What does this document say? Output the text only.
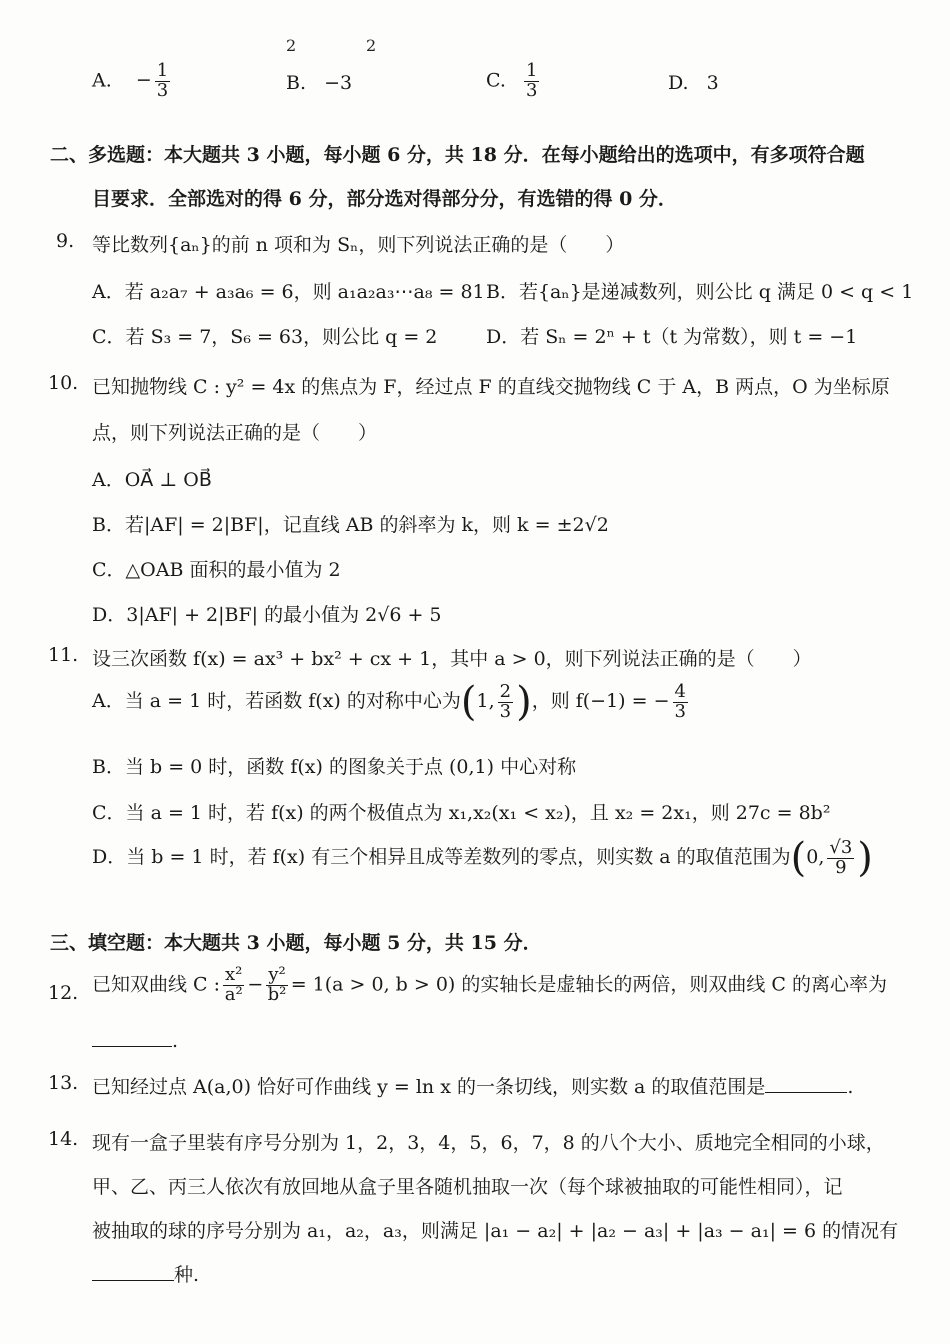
2	2
A. − $\frac{1}{3}$	B. −3	C. $\frac{1}{3}$	D. 3
二、多选题：本大题共 3 小题，每小题 6 分，共 18 分．在每小题给出的选项中，有多项符合题
目要求．全部选对的得 6 分，部分选对得部分分，有选错的得 0 分．
9. 等比数列{aₙ}的前 n 项和为 Sₙ，则下列说法正确的是（　　）
A．若 a₂a₇ + a₃a₆ = 6，则 a₁a₂a₃⋯a₈ = 81 B．若{aₙ}是递减数列，则公比 q 满足 0 < q < 1
C．若 S₃ = 7，S₆ = 63，则公比 q = 2	D．若 Sₙ = 2ⁿ + t（t 为常数），则 t = −1
10. 已知抛物线 C : y² = 4x 的焦点为 F，经过点 F 的直线交抛物线 C 于 A，B 两点，O 为坐标原
点，则下列说法正确的是（　　）
A．OA⃗ ⊥ OB⃗
B．若|AF| = 2|BF|，记直线 AB 的斜率为 k，则 k = ±2√2
C．△OAB 面积的最小值为 2
D．3|AF| + 2|BF| 的最小值为 2√6 + 5
11. 设三次函数 f(x) = ax³ + bx² + cx + 1，其中 a > 0，则下列说法正确的是（　　）
A．当 a = 1 时，若函数 f(x) 的对称中心为(1, $\frac{2}{3}$ )，则 f(−1) = − $\frac{4}{3}$
B．当 b = 0 时，函数 f(x) 的图象关于点 (0,1) 中心对称
C．当 a = 1 时，若 f(x) 的两个极值点为 x₁,x₂(x₁ < x₂)，且 x₂ = 2x₁，则 27c = 8b²
D．当 b = 1 时，若 f(x) 有三个相异且成等差数列的零点，则实数 a 的取值范围为(0, $\frac{√3}{9}$ )
三、填空题：本大题共 3 小题，每小题 5 分，共 15 分．
12. 已知双曲线 C : $\frac{\text{x²}}{\text{a²}} - \frac{\text{y²}}{\text{b²}} = 1(a > 0$, b > 0) 的实轴长是虚轴长的两倍，则双曲线 C 的离心率为
.
13. 已知经过点 A(a,0) 恰好可作曲线 y = ln x 的一条切线，则实数 a 的取值范围是	.
14. 现有一盒子里装有序号分别为 1，2，3，4，5，6，7，8 的八个大小、质地完全相同的小球，
甲、乙、丙三人依次有放回地从盒子里各随机抽取一次（每个球被抽取的可能性相同），记
被抽取的球的序号分别为 a₁，a₂，a₃，则满足 |a₁ − a₂| + |a₂ − a₃| + |a₃ − a₁| = 6 的情况有
种.
